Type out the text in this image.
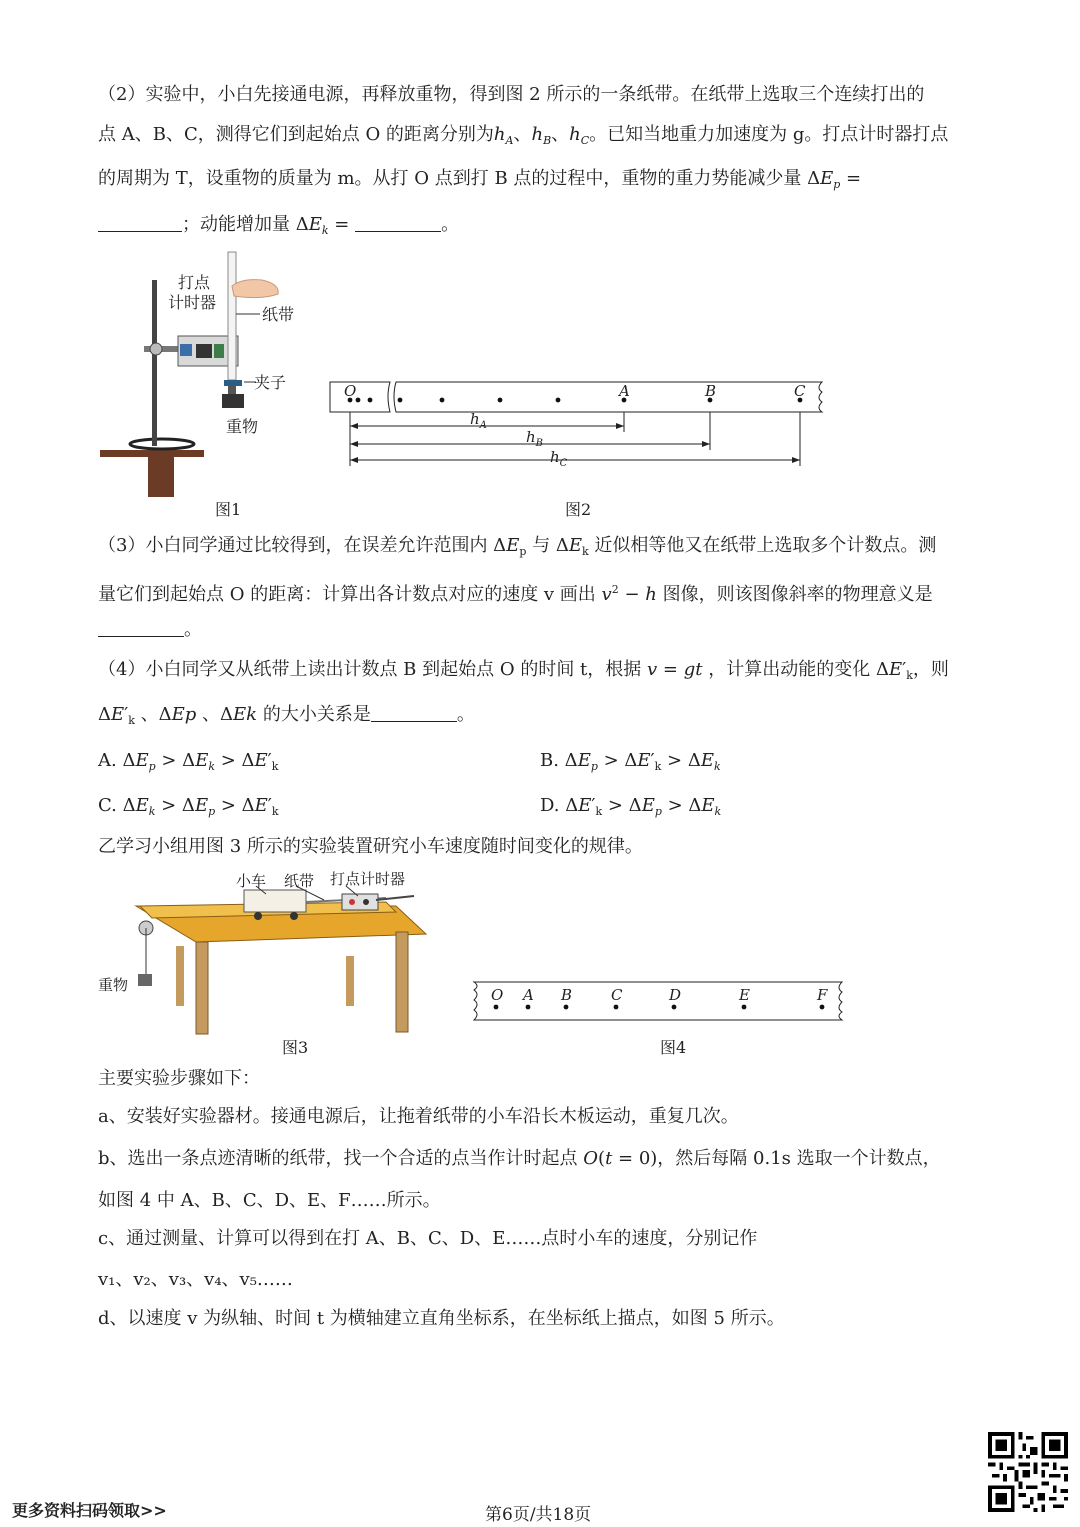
（2）实验中，小白先接通电源，再释放重物，得到图 2 所示的一条纸带。在纸带上选取三个连续打出的
点 A、B、C，测得它们到起始点 O 的距离分别为$h_A$、$h_B$、$h_C$。已知当地重力加速度为 g。打点计时器打点
的周期为 T，设重物的质量为 m。从打 O 点到打 B 点的过程中，重物的重力势能减少量 $\Delta E_p$ =
；动能增加量 $\Delta E_k$ =	。
打点
计时器
纸带
夹子
重物
图1
O	A	B	C
$h_A$
$h_B$
$h_C$
图2
（3）小白同学通过比较得到，在误差允许范围内 $\Delta E_p$ 与 $\Delta E_k$ 近似相等他又在纸带上选取多个计数点。测
量它们到起始点 O 的距离：计算出各计数点对应的速度 v 画出 $v^2 - h$ 图像，则该图像斜率的物理意义是
。
（4）小白同学又从纸带上读出计数点 B 到起始点 O 的时间 t，根据 v = gt ，计算出动能的变化 $\Delta E'_k$，则
$\Delta E'_k$ 、ΔEp 、ΔEk 的大小关系是	。
A. $\Delta E_p > \Delta E_k > \Delta E'_k$	B. $\Delta E_p > \Delta E'_k > \Delta E_k$
C. $\Delta E_k > \Delta E_p > \Delta E'_k$	D. $\Delta E'_k > \Delta E_p > \Delta E_k$
乙学习小组用图 3 所示的实验装置研究小车速度随时间变化的规律。
小车 纸带 打点计时器
重物
图3
O A B	C	D	E	F
图4
主要实验步骤如下：
a、安装好实验器材。接通电源后，让拖着纸带的小车沿长木板运动，重复几次。
b、选出一条点迹清晰的纸带，找一个合适的点当作计时起点 O(t = 0)，然后每隔 0.1s 选取一个计数点，
如图 4 中 A、B、C、D、E、F……所示。
c、通过测量、计算可以得到在打 A、B、C、D、E……点时小车的速度，分别记作
v₁、v₂、v₃、v₄、v₅……
d、以速度 v 为纵轴、时间 t 为横轴建立直角坐标系，在坐标纸上描点，如图 5 所示。
更多资料扫码领取>>	第6页/共18页
